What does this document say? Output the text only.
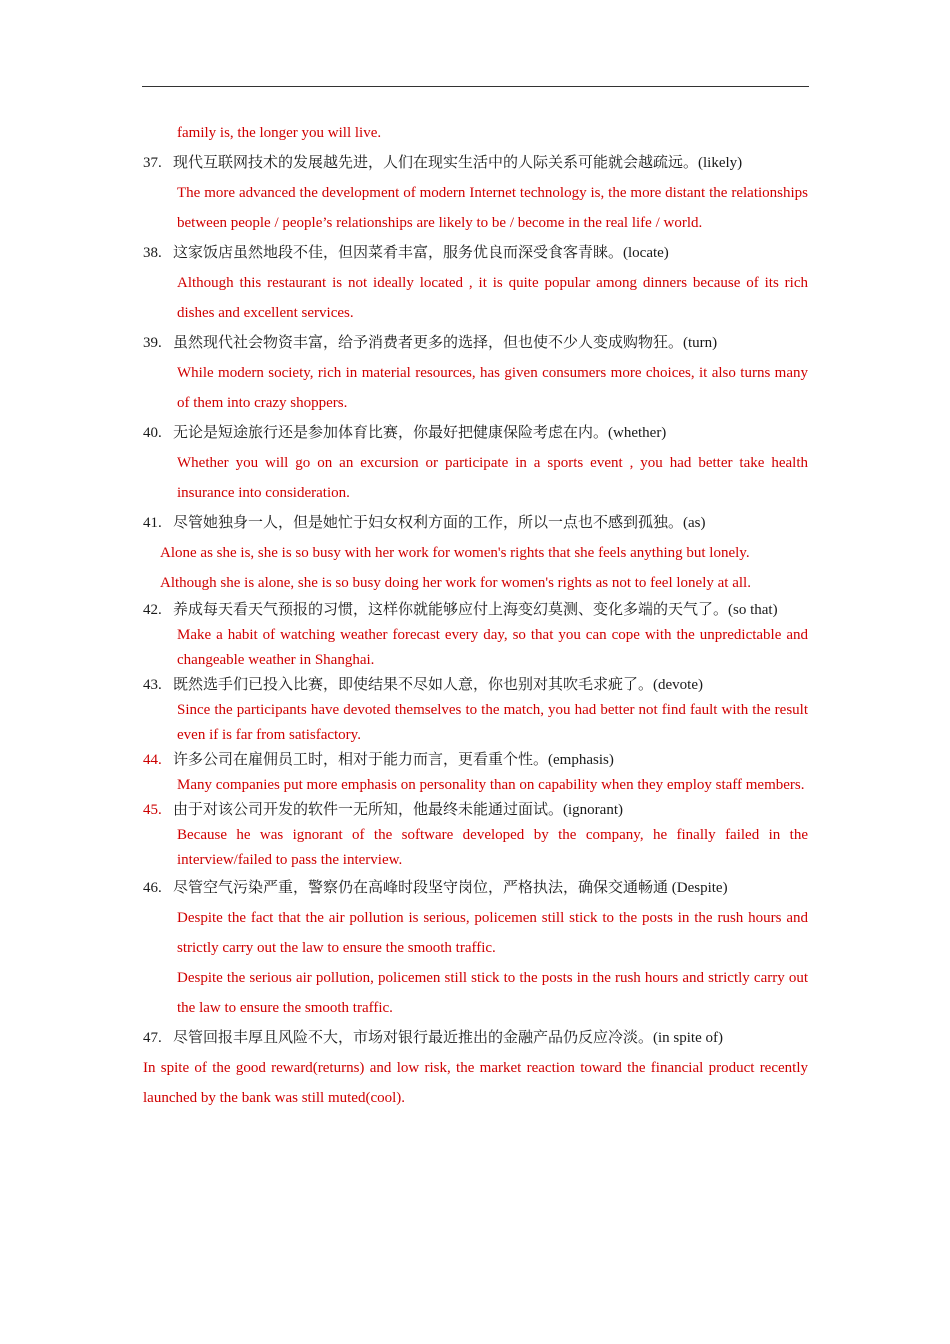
family is, the longer you will live.
37. 现代互联网技术的发展越先进，人们在现实生活中的人际关系可能就会越疏远。(likely)
The more advanced the development of modern Internet technology is, the more distant the relationships between people / people’s relationships are likely to be / become in the real life / world.
38. 这家饭店虽然地段不佳，但因菜肴丰富，服务优良而深受食客青睐。(locate)
Although this restaurant is not ideally located , it is quite popular among dinners because of its rich dishes and excellent services.
39. 虽然现代社会物资丰富，给予消费者更多的选择，但也使不少人变成购物狂。(turn)
While modern society, rich in material resources, has given consumers more choices, it also turns many of them into crazy shoppers.
40. 无论是短途旅行还是参加体育比赛，你最好把健康保险考虑在内。(whether)
Whether you will go on an excursion or participate in a sports event , you had better take health insurance into consideration.
41. 尽管她独身一人，但是她忙于妇女权利方面的工作，所以一点也不感到孤独。(as)
Alone as she is, she is so busy with her work for women's rights that she feels anything but lonely.
Although she is alone, she is so busy doing her work for women's rights as not to feel lonely at all.
42. 养成每天看天气预报的习惯，这样你就能够应付上海变幻莫测、变化多端的天气了。(so that)
Make a habit of watching weather forecast every day, so that you can cope with the unpredictable and changeable weather in Shanghai.
43. 既然选手们已投入比赛，即使结果不尽如人意，你也别对其吹毛求疵了。(devote)
Since the participants have devoted themselves to the match, you had better not find fault with the result even if is far from satisfactory.
44. 许多公司在雇佣员工时，相对于能力而言，更看重个性。(emphasis)
Many companies put more emphasis on personality than on capability when they employ staff members.
45. 由于对该公司开发的软件一无所知，他最终未能通过面试。(ignorant)
Because he was ignorant of the software developed by the company, he finally failed in the interview/failed to pass the interview.
46. 尽管空气污染严重，警察仍在高峰时段坚守岗位，严格执法，确保交通畅通 (Despite)
Despite the fact that the air pollution is serious, policemen still stick to the posts in the rush hours and strictly carry out the law to ensure the smooth traffic.
Despite the serious air pollution, policemen still stick to the posts in the rush hours and strictly carry out the law to ensure the smooth traffic.
47. 尽管回报丰厚且风险不大，市场对银行最近推出的金融产品仍反应冷淡。(in spite of)
In spite of the good reward(returns) and low risk, the market reaction toward the financial product recently launched by the bank was still muted(cool).
